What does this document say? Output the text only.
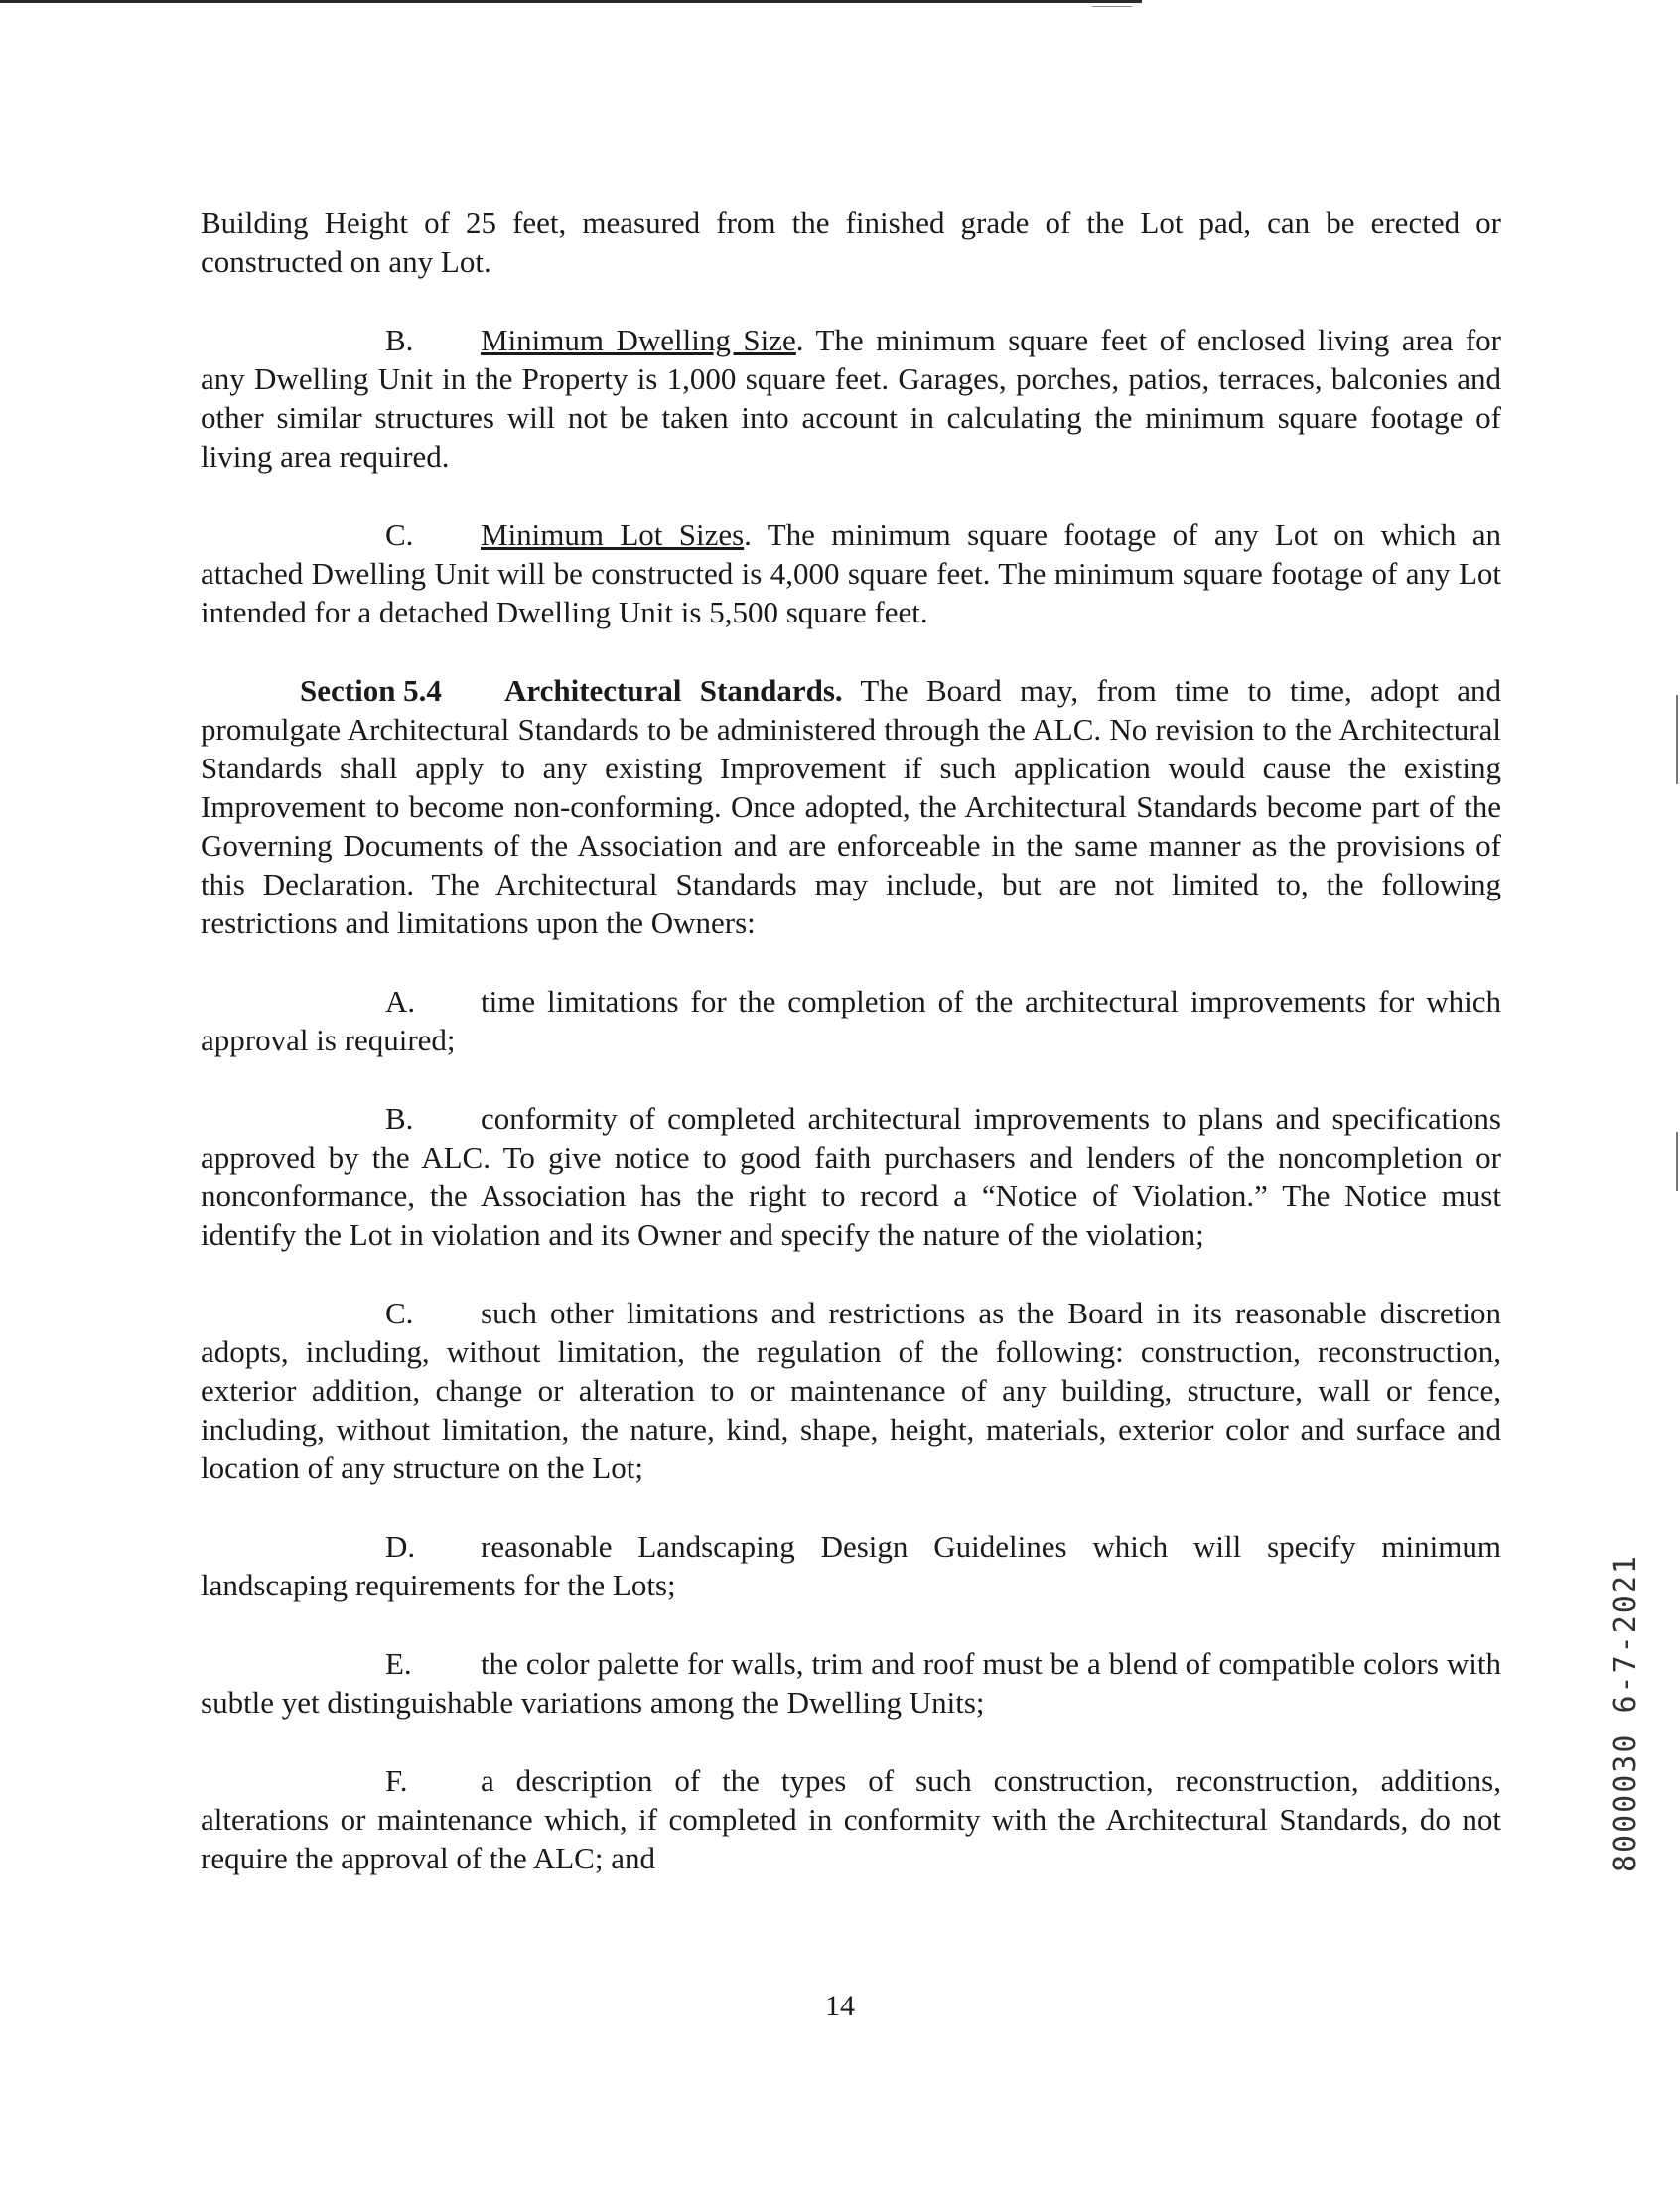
Building Height of 25 feet, measured from the finished grade of the Lot pad, can be erected or constructed on any Lot.

B. Minimum Dwelling Size. The minimum square feet of enclosed living area for any Dwelling Unit in the Property is 1,000 square feet. Garages, porches, patios, terraces, balconies and other similar structures will not be taken into account in calculating the minimum square footage of living area required.

C. Minimum Lot Sizes. The minimum square footage of any Lot on which an attached Dwelling Unit will be constructed is 4,000 square feet. The minimum square footage of any Lot intended for a detached Dwelling Unit is 5,500 square feet.

Section 5.4 Architectural Standards. The Board may, from time to time, adopt and promulgate Architectural Standards to be administered through the ALC. No revision to the Architectural Standards shall apply to any existing Improvement if such application would cause the existing Improvement to become non-conforming. Once adopted, the Architectural Standards become part of the Governing Documents of the Association and are enforceable in the same manner as the provisions of this Declaration. The Architectural Standards may include, but are not limited to, the following restrictions and limitations upon the Owners:

A. time limitations for the completion of the architectural improvements for which approval is required;

B. conformity of completed architectural improvements to plans and specifications approved by the ALC. To give notice to good faith purchasers and lenders of the noncompletion or nonconformance, the Association has the right to record a “Notice of Violation.” The Notice must identify the Lot in violation and its Owner and specify the nature of the violation;

C. such other limitations and restrictions as the Board in its reasonable discretion adopts, including, without limitation, the regulation of the following: construction, reconstruction, exterior addition, change or alteration to or maintenance of any building, structure, wall or fence, including, without limitation, the nature, kind, shape, height, materials, exterior color and surface and location of any structure on the Lot;

D. reasonable Landscaping Design Guidelines which will specify minimum landscaping requirements for the Lots;

E. the color palette for walls, trim and roof must be a blend of compatible colors with subtle yet distinguishable variations among the Dwelling Units;

F. a description of the types of such construction, reconstruction, additions, alterations or maintenance which, if completed in conformity with the Architectural Standards, do not require the approval of the ALC; and	8000030 6-7-2021
14
